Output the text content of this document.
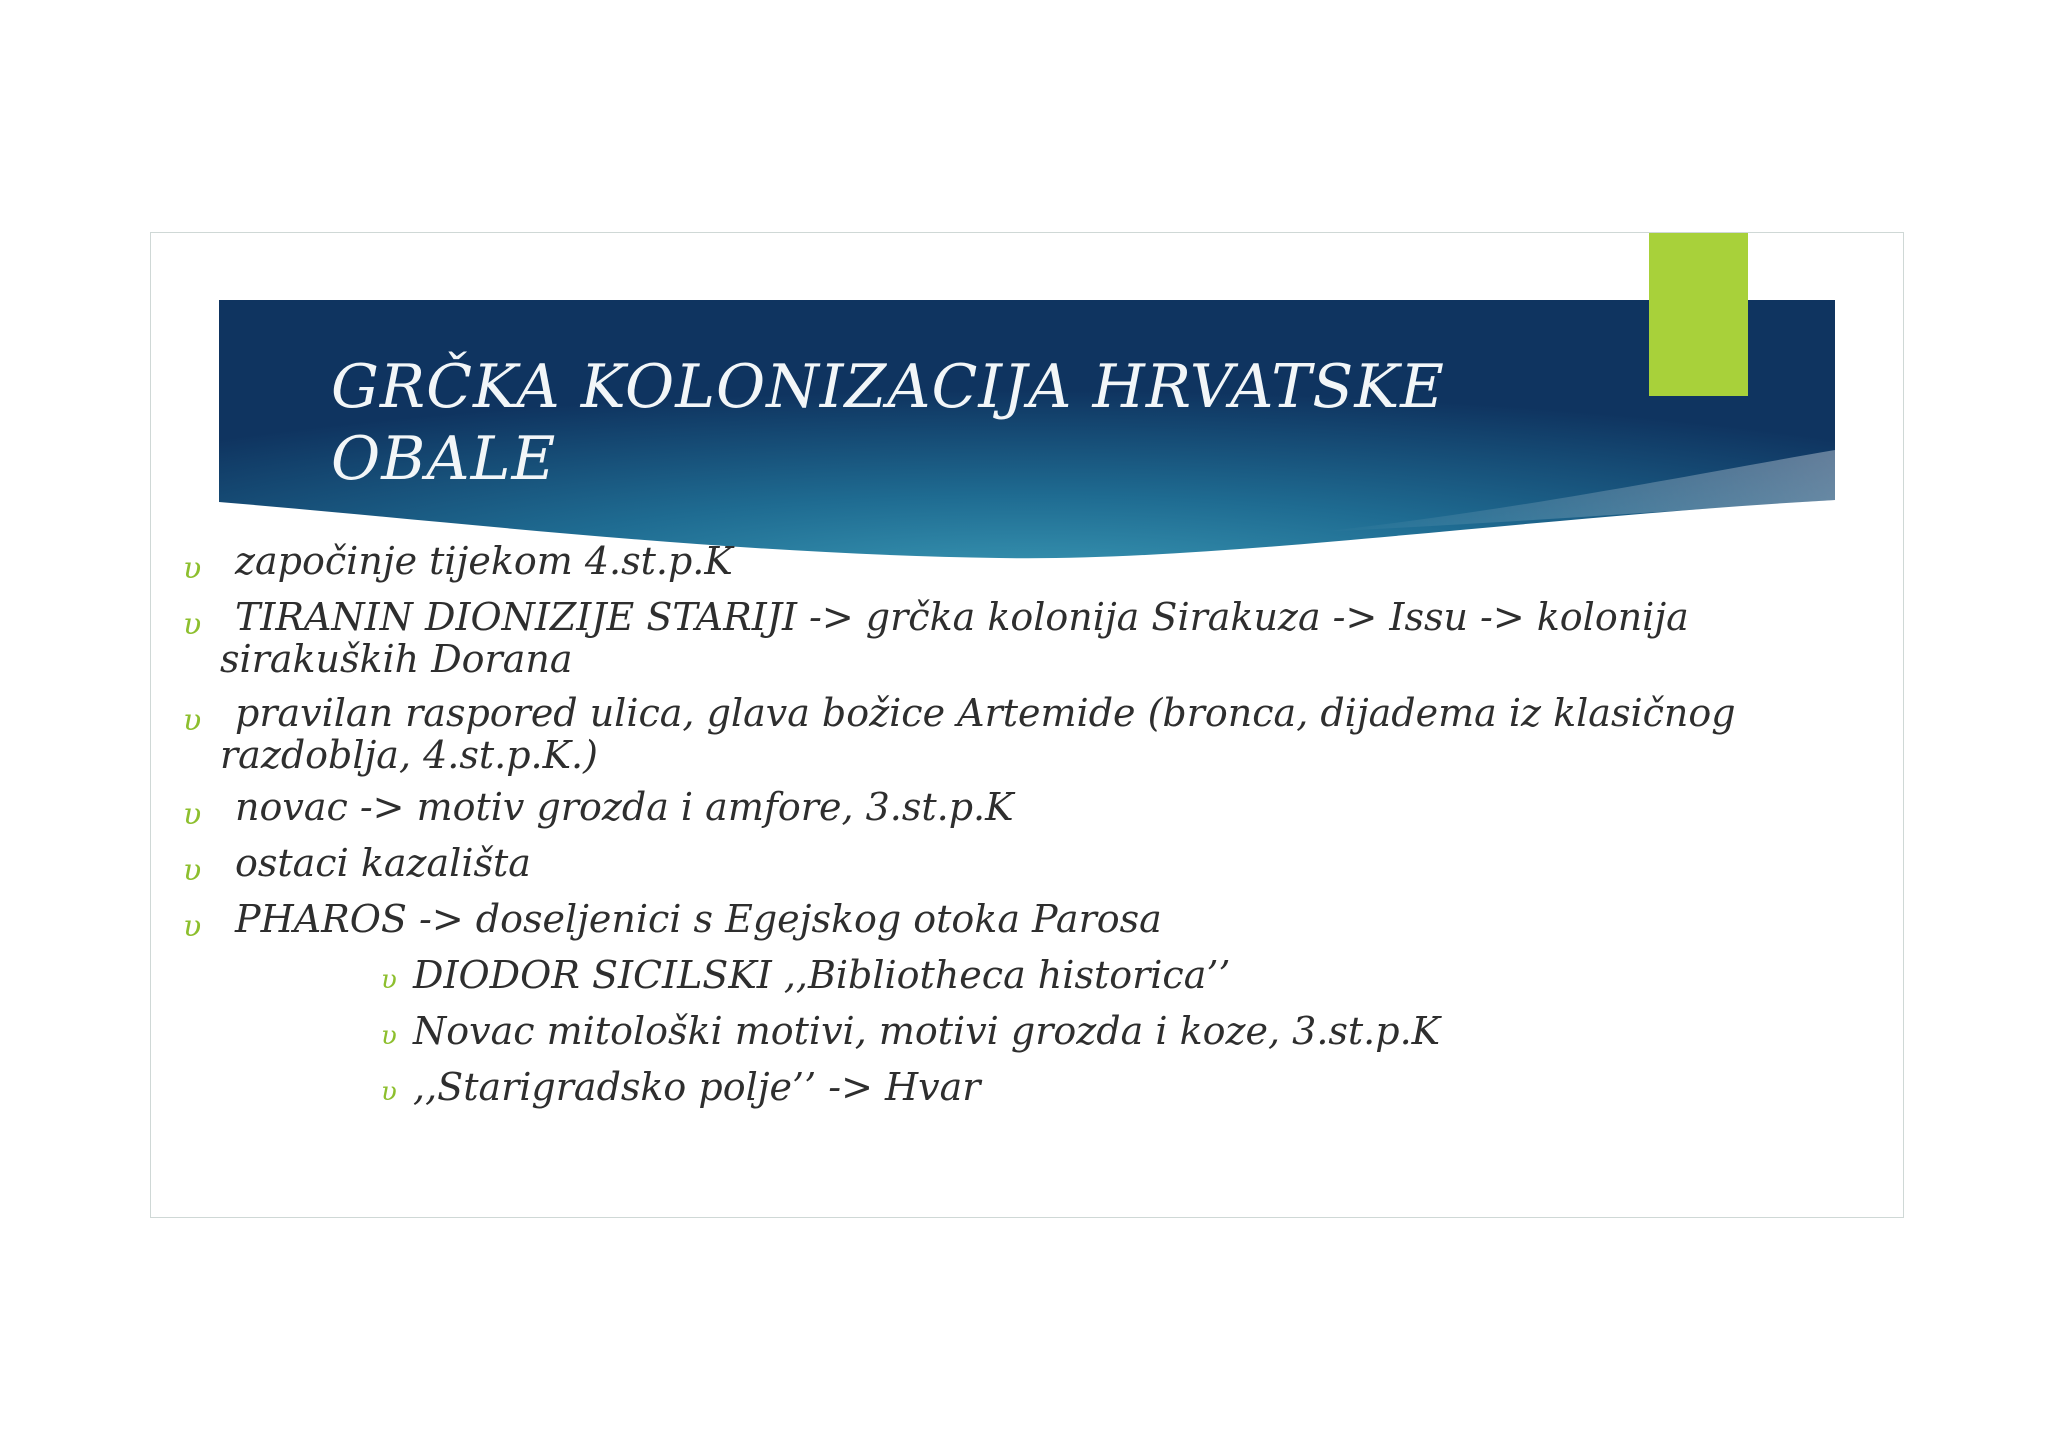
GRČKA KOLONIZACIJA HRVATSKE OBALE
υ započinje tijekom 4.st.p.K
υ TIRANIN DIONIZIJE STARIJI -> grčka kolonija Sirakuza -> Issu -> kolonija
sirakuških Dorana
υ pravilan raspored ulica, glava božice Artemide (bronca, dijadema iz klasičnog
razdoblja, 4.st.p.K.)
υ novac -> motiv grozda i amfore, 3.st.p.K
υ ostaci kazališta
υ PHAROS -> doseljenici s Egejskog otoka Parosa
υ DIODOR SICILSKI ,,Bibliotheca historica’’
υ Novac mitološki motivi, motivi grozda i koze, 3.st.p.K
υ ,,Starigradsko polje’’ -> Hvar
